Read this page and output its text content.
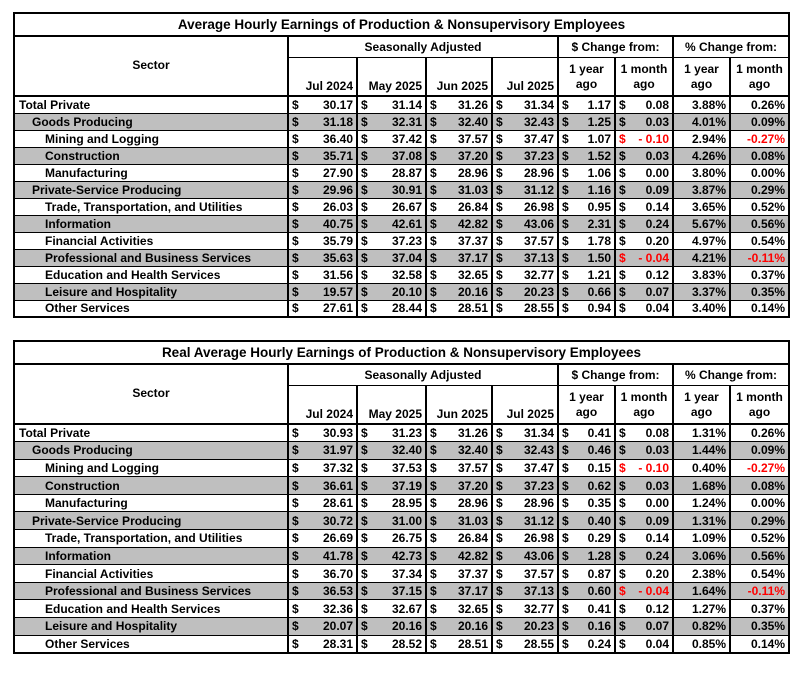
Average Hourly Earnings of Production & Nonsupervisory Employees								
Sector	Seasonally Adjusted				$ Change from:		% Change from:	
	Jul 2024	May 2025	Jun 2025	Jul 2025	1 year ago	1 month ago	1 year ago	1 month ago
Total Private	$ 30.17	$ 31.14	$ 31.26	$ 31.34	$ 1.17	$ 0.08	3.88%	0.26%
Goods Producing	$ 31.18	$ 32.31	$ 32.40	$ 32.43	$ 1.25	$ 0.03	4.01%	0.09%
Mining and Logging	$ 36.40	$ 37.42	$ 37.57	$ 37.47	$ 1.07	$ - 0.10	2.94%	-0.27%
Construction	$ 35.71	$ 37.08	$ 37.20	$ 37.23	$ 1.52	$ 0.03	4.26%	0.08%
Manufacturing	$ 27.90	$ 28.87	$ 28.96	$ 28.96	$ 1.06	$ 0.00	3.80%	0.00%
Private-Service Producing	$ 29.96	$ 30.91	$ 31.03	$ 31.12	$ 1.16	$ 0.09	3.87%	0.29%
Trade, Transportation, and Utilities	$ 26.03	$ 26.67	$ 26.84	$ 26.98	$ 0.95	$ 0.14	3.65%	0.52%
Information	$ 40.75	$ 42.61	$ 42.82	$ 43.06	$ 2.31	$ 0.24	5.67%	0.56%
Financial Activities	$ 35.79	$ 37.23	$ 37.37	$ 37.57	$ 1.78	$ 0.20	4.97%	0.54%
Professional and Business Services	$ 35.63	$ 37.04	$ 37.17	$ 37.13	$ 1.50	$ - 0.04	4.21%	-0.11%
Education and Health Services	$ 31.56	$ 32.58	$ 32.65	$ 32.77	$ 1.21	$ 0.12	3.83%	0.37%
Leisure and Hospitality	$ 19.57	$ 20.10	$ 20.16	$ 20.23	$ 0.66	$ 0.07	3.37%	0.35%
Other Services	$ 27.61	$ 28.44	$ 28.51	$ 28.55	$ 0.94	$ 0.04	3.40%	0.14%
Real Average Hourly Earnings of Production & Nonsupervisory Employees								
Sector	Seasonally Adjusted				$ Change from:		% Change from:	
	Jul 2024	May 2025	Jun 2025	Jul 2025	1 year ago	1 month ago	1 year ago	1 month ago
Total Private	$ 30.93	$ 31.23	$ 31.26	$ 31.34	$ 0.41	$ 0.08	1.31%	0.26%
Goods Producing	$ 31.97	$ 32.40	$ 32.40	$ 32.43	$ 0.46	$ 0.03	1.44%	0.09%
Mining and Logging	$ 37.32	$ 37.53	$ 37.57	$ 37.47	$ 0.15	$ - 0.10	0.40%	-0.27%
Construction	$ 36.61	$ 37.19	$ 37.20	$ 37.23	$ 0.62	$ 0.03	1.68%	0.08%
Manufacturing	$ 28.61	$ 28.95	$ 28.96	$ 28.96	$ 0.35	$ 0.00	1.24%	0.00%
Private-Service Producing	$ 30.72	$ 31.00	$ 31.03	$ 31.12	$ 0.40	$ 0.09	1.31%	0.29%
Trade, Transportation, and Utilities	$ 26.69	$ 26.75	$ 26.84	$ 26.98	$ 0.29	$ 0.14	1.09%	0.52%
Information	$ 41.78	$ 42.73	$ 42.82	$ 43.06	$ 1.28	$ 0.24	3.06%	0.56%
Financial Activities	$ 36.70	$ 37.34	$ 37.37	$ 37.57	$ 0.87	$ 0.20	2.38%	0.54%
Professional and Business Services	$ 36.53	$ 37.15	$ 37.17	$ 37.13	$ 0.60	$ - 0.04	1.64%	-0.11%
Education and Health Services	$ 32.36	$ 32.67	$ 32.65	$ 32.77	$ 0.41	$ 0.12	1.27%	0.37%
Leisure and Hospitality	$ 20.07	$ 20.16	$ 20.16	$ 20.23	$ 0.16	$ 0.07	0.82%	0.35%
Other Services	$ 28.31	$ 28.52	$ 28.51	$ 28.55	$ 0.24	$ 0.04	0.85%	0.14%
